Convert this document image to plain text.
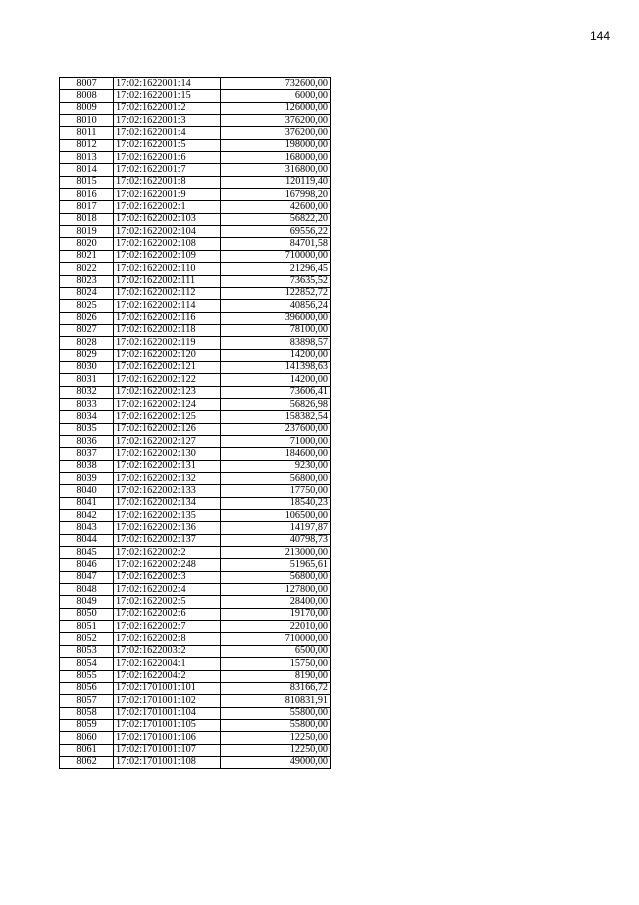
144
8007	17:02:1622001:14	732600,00
8008	17:02:1622001:15	6000,00
8009	17:02:1622001:2	126000,00
8010	17:02:1622001:3	376200,00
8011	17:02:1622001:4	376200,00
8012	17:02:1622001:5	198000,00
8013	17:02:1622001:6	168000,00
8014	17:02:1622001:7	316800,00
8015	17:02:1622001:8	120119,40
8016	17:02:1622001:9	167998,20
8017	17:02:1622002:1	42600,00
8018	17:02:1622002:103	56822,20
8019	17:02:1622002:104	69556,22
8020	17:02:1622002:108	84701,58
8021	17:02:1622002:109	710000,00
8022	17:02:1622002:110	21296,45
8023	17:02:1622002:111	73635,52
8024	17:02:1622002:112	122852,72
8025	17:02:1622002:114	40856,24
8026	17:02:1622002:116	396000,00
8027	17:02:1622002:118	78100,00
8028	17:02:1622002:119	83898,57
8029	17:02:1622002:120	14200,00
8030	17:02:1622002:121	141398,63
8031	17:02:1622002:122	14200,00
8032	17:02:1622002:123	73606,41
8033	17:02:1622002:124	56826,98
8034	17:02:1622002:125	158382,54
8035	17:02:1622002:126	237600,00
8036	17:02:1622002:127	71000,00
8037	17:02:1622002:130	184600,00
8038	17:02:1622002:131	9230,00
8039	17:02:1622002:132	56800,00
8040	17:02:1622002:133	17750,00
8041	17:02:1622002:134	18540,23
8042	17:02:1622002:135	106500,00
8043	17:02:1622002:136	14197,87
8044	17:02:1622002:137	40798,73
8045	17:02:1622002:2	213000,00
8046	17:02:1622002:248	51965,61
8047	17:02:1622002:3	56800,00
8048	17:02:1622002:4	127800,00
8049	17:02:1622002:5	28400,00
8050	17:02:1622002:6	19170,00
8051	17:02:1622002:7	22010,00
8052	17:02:1622002:8	710000,00
8053	17:02:1622003:2	6500,00
8054	17:02:1622004:1	15750,00
8055	17:02:1622004:2	8190,00
8056	17:02:1701001:101	83166,72
8057	17:02:1701001:102	810831,91
8058	17:02:1701001:104	55800,00
8059	17:02:1701001:105	55800,00
8060	17:02:1701001:106	12250,00
8061	17:02:1701001:107	12250,00
8062	17:02:1701001:108	49000,00
